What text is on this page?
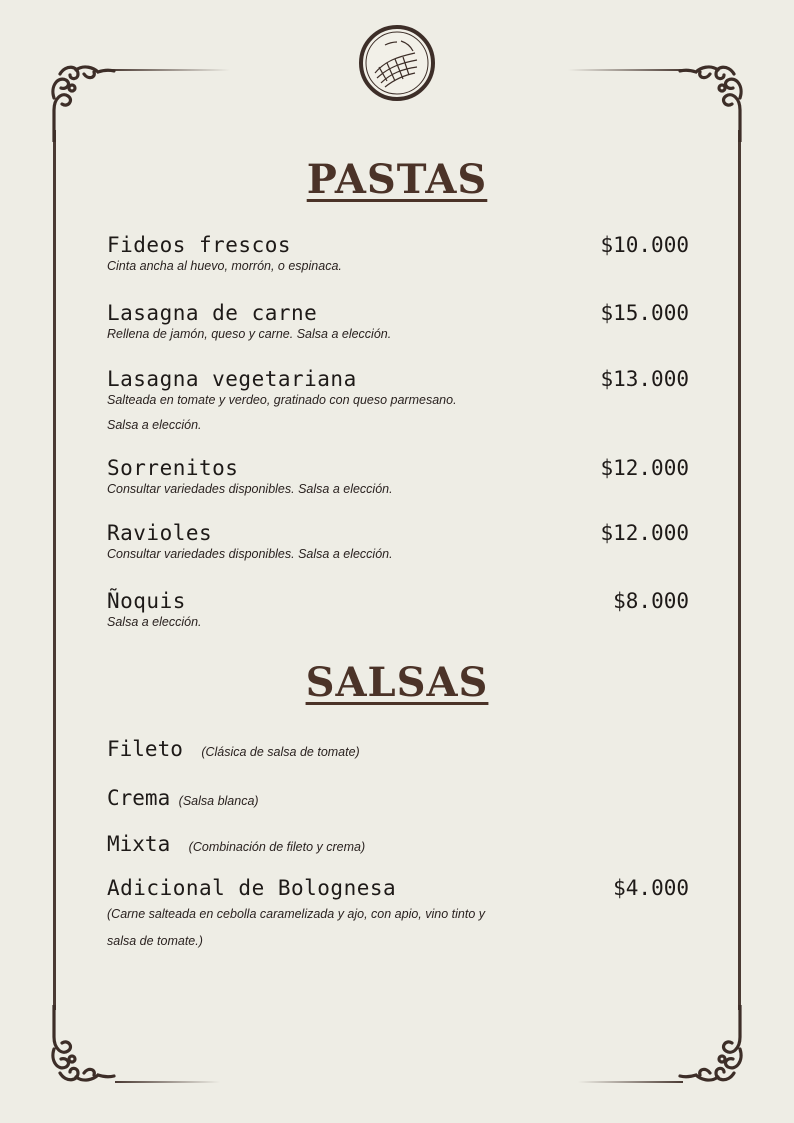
PASTAS
Fideos frescos	$10.000
Cinta ancha al huevo, morrón, o espinaca.
Lasagna de carne	$15.000
Rellena de jamón, queso y carne. Salsa a elección.
Lasagna vegetariana	$13.000
Salteada en tomate y verdeo, gratinado con queso parmesano.
Salsa a elección.
Sorrenitos	$12.000
Consultar variedades disponibles. Salsa a elección.
Ravioles	$12.000
Consultar variedades disponibles. Salsa a elección.
Ñoquis	$8.000
Salsa a elección.
SALSAS
Fileto (Clásica de salsa de tomate)
Crema (Salsa blanca)
Mixta (Combinación de fileto y crema)
Adicional de Bolognesa	$4.000
(Carne salteada en cebolla caramelizada y ajo, con apio, vino tinto y
salsa de tomate.)
